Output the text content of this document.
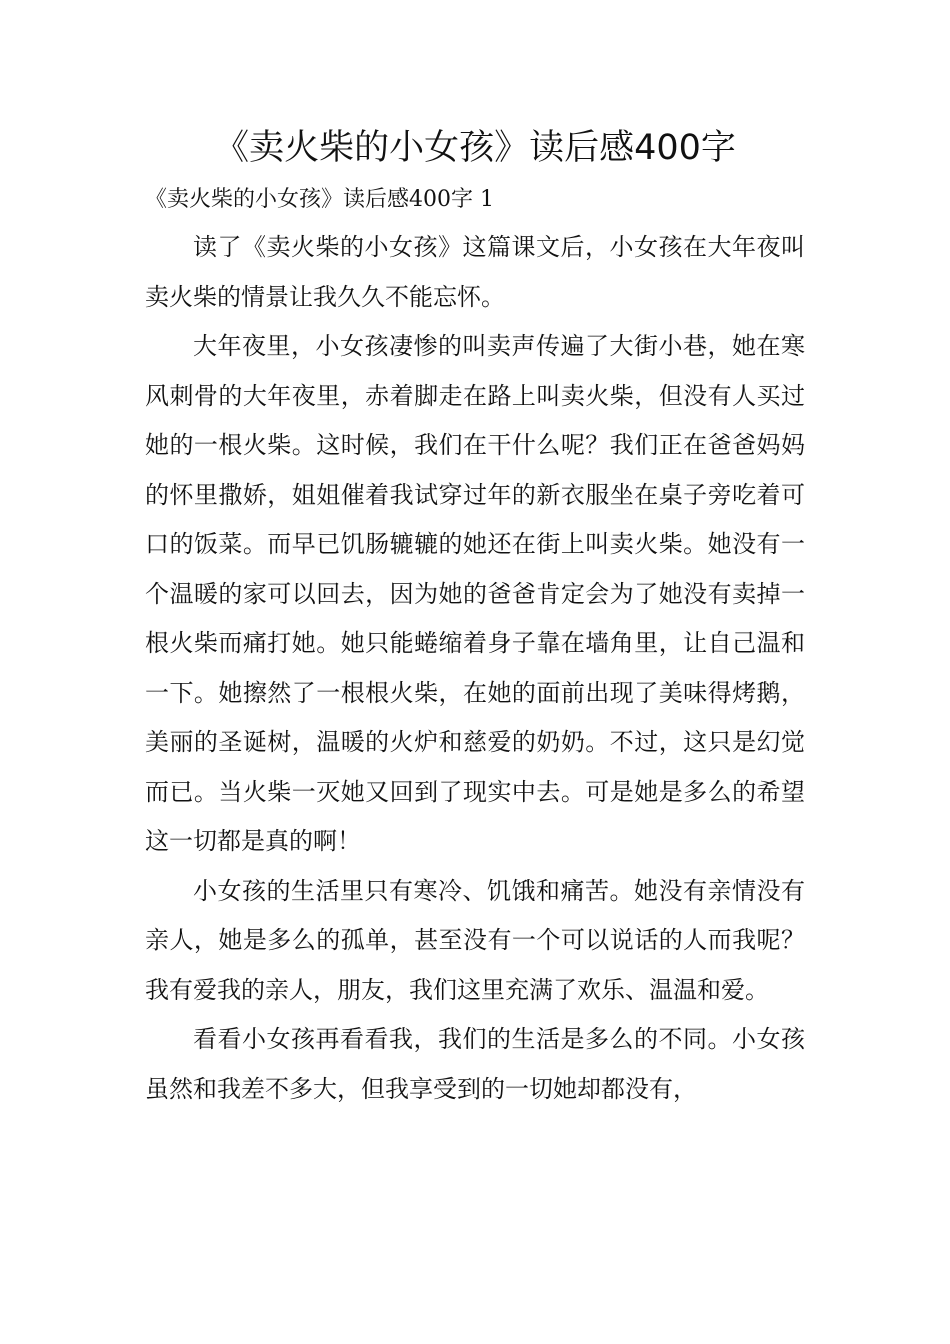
《卖火柴的小女孩》读后感400字
《卖火柴的小女孩》读后感400字 1

读了《卖火柴的小女孩》这篇课文后，小女孩在大年夜叫卖火柴的情景让我久久不能忘怀。

大年夜里，小女孩凄惨的叫卖声传遍了大街小巷，她在寒风刺骨的大年夜里，赤着脚走在路上叫卖火柴，但没有人买过她的一根火柴。这时候，我们在干什么呢？我们正在爸爸妈妈的怀里撒娇，姐姐催着我试穿过年的新衣服坐在桌子旁吃着可口的饭菜。而早已饥肠辘辘的她还在街上叫卖火柴。她没有一个温暖的家可以回去，因为她的爸爸肯定会为了她没有卖掉一根火柴而痛打她。她只能蜷缩着身子靠在墙角里，让自己温和一下。她擦然了一根根火柴，在她的面前出现了美味得烤鹅，美丽的圣诞树，温暖的火炉和慈爱的奶奶。不过，这只是幻觉而已。当火柴一灭她又回到了现实中去。可是她是多么的希望这一切都是真的啊！

小女孩的生活里只有寒冷、饥饿和痛苦。她没有亲情没有亲人，她是多么的孤单，甚至没有一个可以说话的人而我呢？我有爱我的亲人，朋友，我们这里充满了欢乐、温温和爱。

看看小女孩再看看我，我们的生活是多么的不同。小女孩虽然和我差不多大，但我享受到的一切她却都没有，
